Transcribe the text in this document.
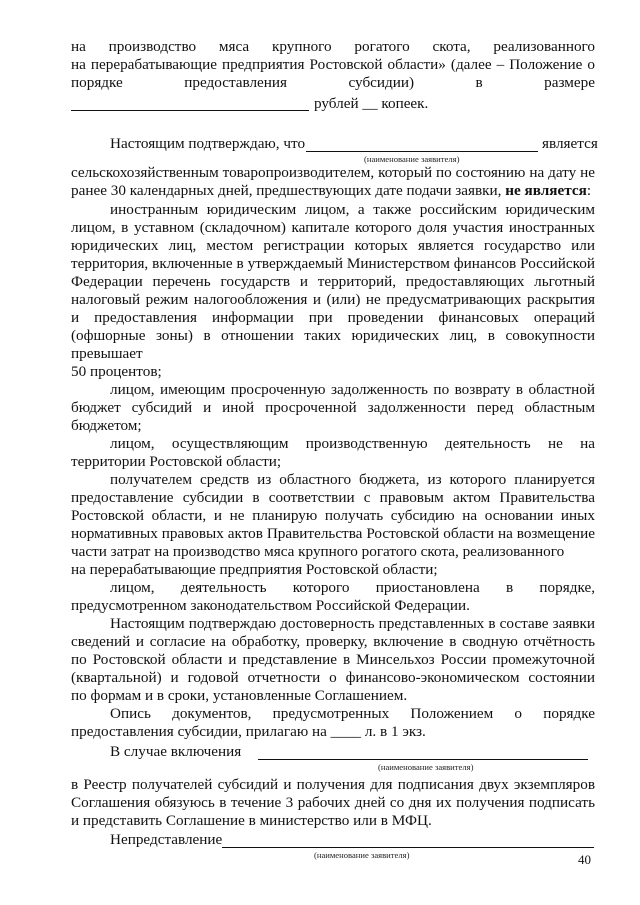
на производство мяса крупного рогатого скота, реализованного
на перерабатывающие предприятия Ростовской области» (далее – Положение о
порядке предоставления субсидии) в размере
рублей __ копеек.
Настоящим подтверждаю, что	является
(наименование заявителя)
сельскохозяйственным товаропроизводителем, который по состоянию на дату не
ранее 30 календарных дней, предшествующих дате подачи заявки, не является:
иностранным юридическим лицом, а также российским юридическим
лицом, в уставном (складочном) капитале которого доля участия иностранных
юридических лиц, местом регистрации которых является государство или
территория, включенные в утверждаемый Министерством финансов Российской
Федерации перечень государств и территорий, предоставляющих льготный
налоговый режим налогообложения и (или) не предусматривающих раскрытия
и предоставления информации при проведении финансовых операций
(офшорные зоны) в отношении таких юридических лиц, в совокупности
превышает
50 процентов;
лицом, имеющим просроченную задолженность по возврату в областной
бюджет субсидий и иной просроченной задолженности перед областным
бюджетом;
лицом, осуществляющим производственную деятельность не на
территории Ростовской области;
получателем средств из областного бюджета, из которого планируется
предоставление субсидии в соответствии с правовым актом Правительства
Ростовской области, и не планирую получать субсидию на основании иных
нормативных правовых актов Правительства Ростовской области на возмещение
части затрат на производство мяса крупного рогатого скота, реализованного
на перерабатывающие предприятия Ростовской области;
лицом, деятельность которого приостановлена в порядке,
предусмотренном законодательством Российской Федерации.
Настоящим подтверждаю достоверность представленных в составе заявки
сведений и согласие на обработку, проверку, включение в сводную отчётность
по Ростовской области и представление в Минсельхоз России промежуточной
(квартальной) и годовой отчетности о финансово-экономическом состоянии
по формам и в сроки, установленные Соглашением.
Опись документов, предусмотренных Положением о порядке
предоставления субсидии, прилагаю на ____ л. в 1 экз.
В случае включения
(наименование заявителя)
в Реестр получателей субсидий и получения для подписания двух экземпляров
Соглашения обязуюсь в течение 3 рабочих дней со дня их получения подписать
и представить Соглашение в министерство или в МФЦ.
Непредставление
(наименование заявителя)	40
